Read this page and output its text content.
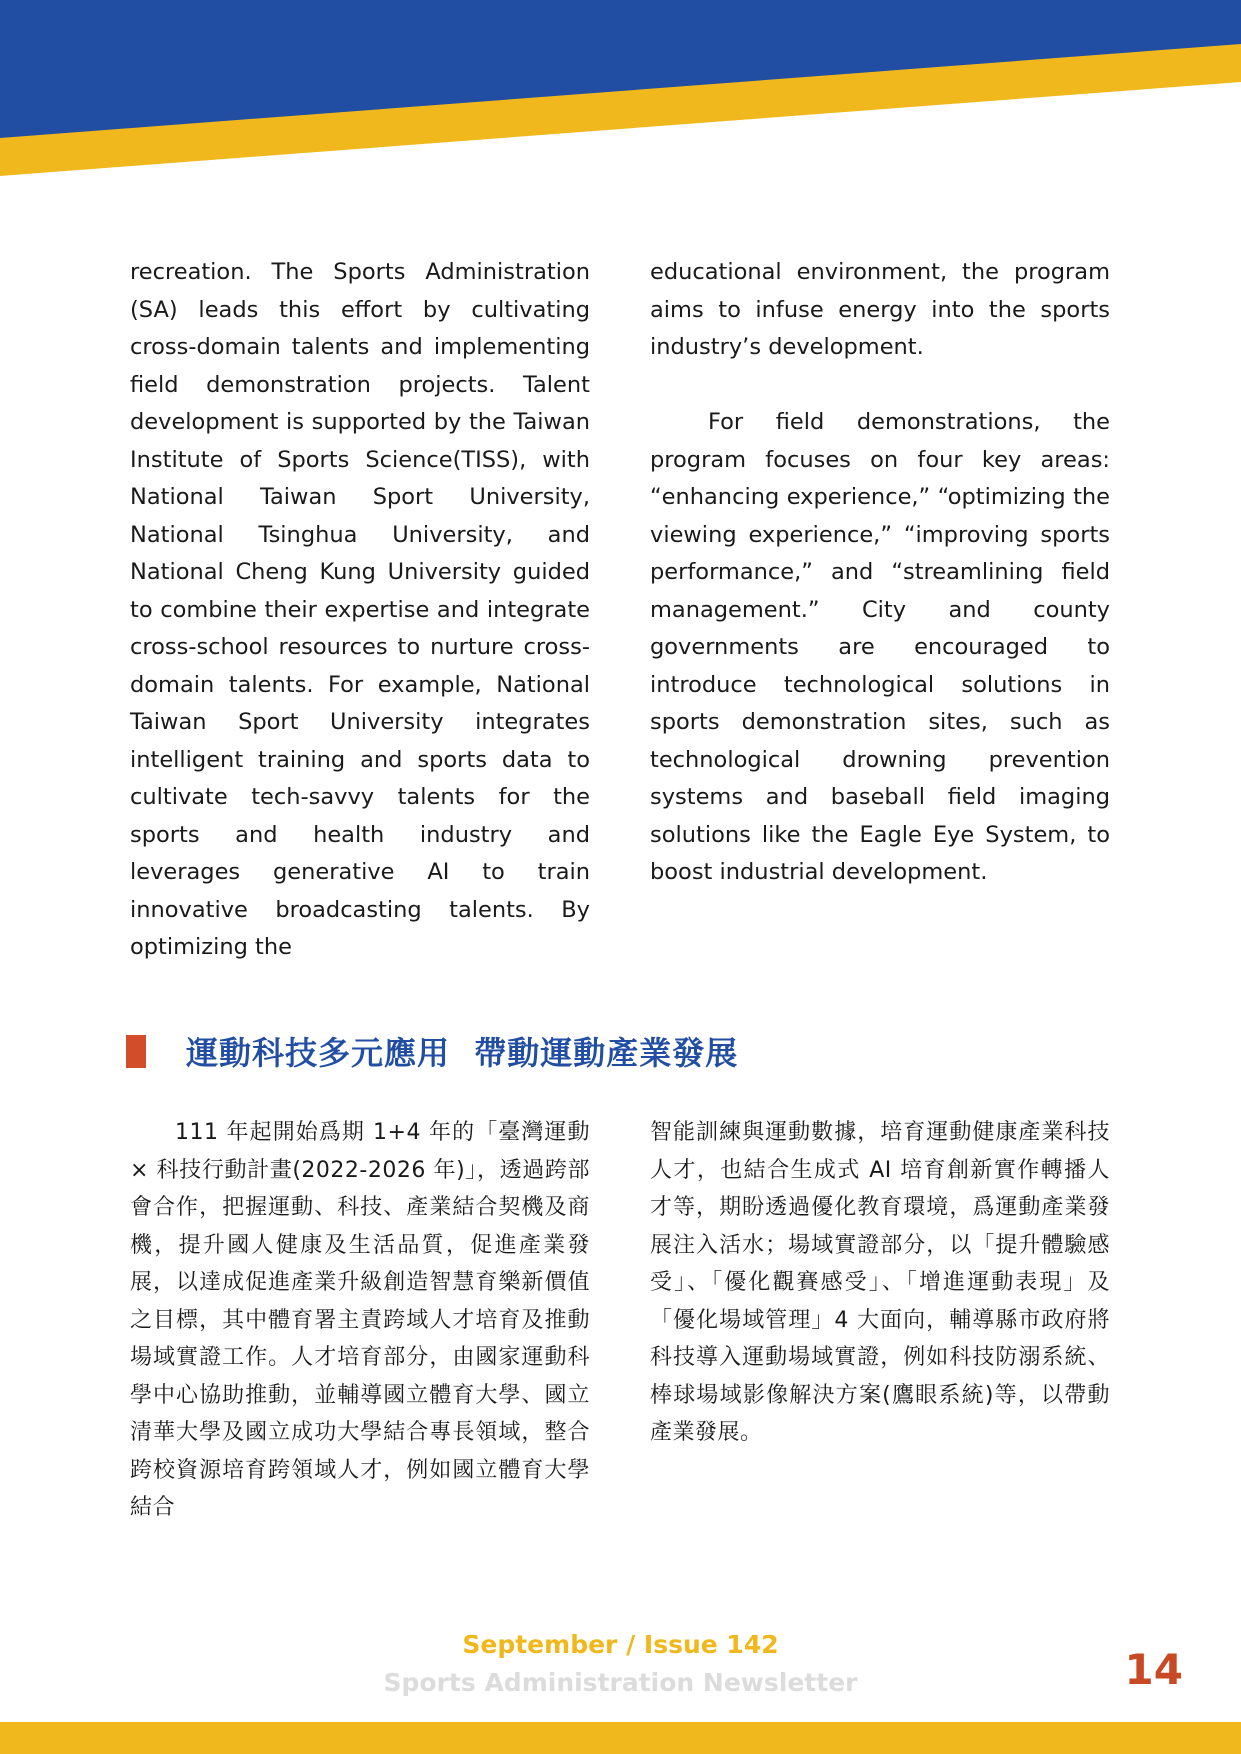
recreation. The Sports Administration (SA) leads this effort by cultivating cross-domain talents and implementing field demonstration projects. Talent development is supported by the Taiwan Institute of Sports Science(TISS), with National Taiwan Sport University, National Tsinghua University, and National Cheng Kung University guided to combine their expertise and integrate cross-school resources to nurture cross-domain talents. For example, National Taiwan Sport University integrates intelligent training and sports data to cultivate tech-savvy talents for the sports and health industry and leverages generative AI to train innovative broadcasting talents. By optimizing the

educational environment, the program aims to infuse energy into the sports industry’s development.

For field demonstrations, the program focuses on four key areas: “enhancing experience,” “optimizing the viewing experience,” “improving sports performance,” and “streamlining field management.” City and county governments are encouraged to introduce technological solutions in sports demonstration sites, such as technological drowning prevention systems and baseball field imaging solutions like the Eagle Eye System, to boost industrial development.

運動科技多元應用  帶動運動產業發展

111 年起開始爲期 1+4 年的「臺灣運動 × 科技行動計畫(2022-2026 年)」，透過跨部會合作，把握運動、科技、產業結合契機及商機，提升國人健康及生活品質，促進產業發展，以達成促進產業升級創造智慧育樂新價值之目標，其中體育署主責跨域人才培育及推動場域實證工作。人才培育部分，由國家運動科學中心協助推動，並輔導國立體育大學、國立清華大學及國立成功大學結合專長領域，整合跨校資源培育跨領域人才，例如國立體育大學結合

智能訓練與運動數據，培育運動健康產業科技人才，也結合生成式 AI 培育創新實作轉播人才等，期盼透過優化教育環境，爲運動產業發展注入活水；場域實證部分，以「提升體驗感受」、「優化觀賽感受」、「增進運動表現」及「優化場域管理」4 大面向，輔導縣市政府將科技導入運動場域實證，例如科技防溺系統、棒球場域影像解決方案(鷹眼系統)等，以帶動產業發展。

September / Issue 142
Sports Administration Newsletter	14
